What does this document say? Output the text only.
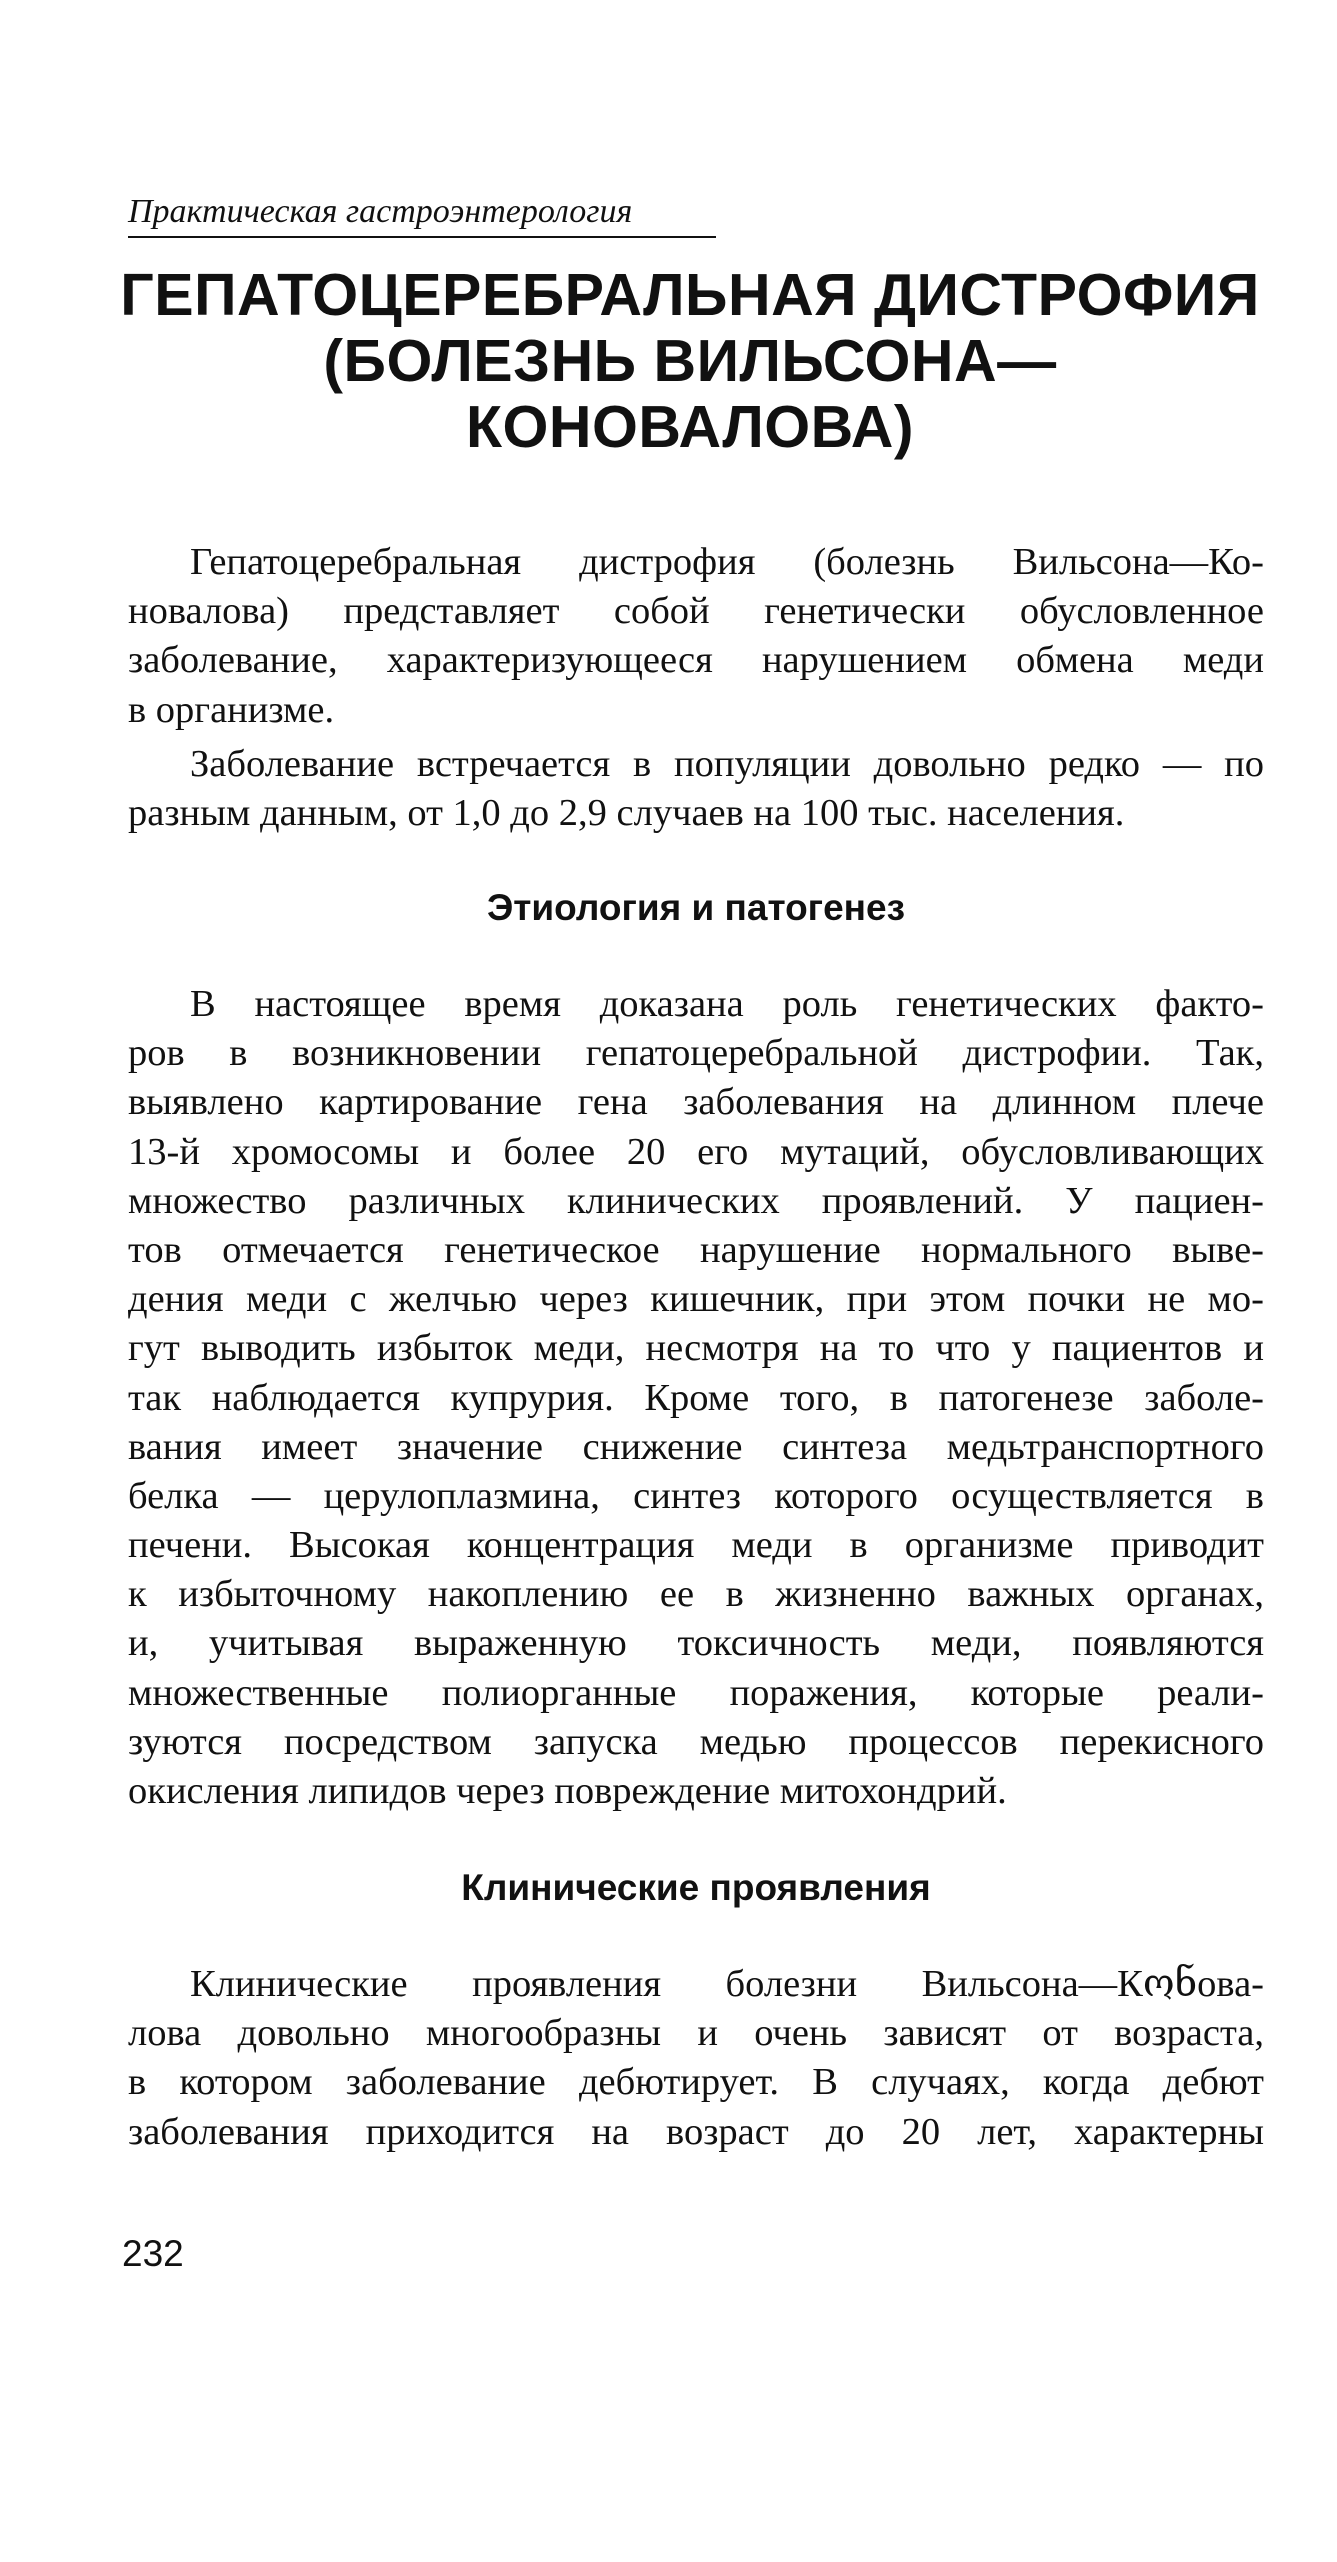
Практическая гастроэнтерология
ГЕПАТОЦЕРЕБРАЛЬНАЯ ДИСТРОФИЯ
(БОЛЕЗНЬ ВИЛЬСОНА—
КОНОВАЛОВА)
Гепатоцеребральная дистрофия (болезнь Вильсона—Ко-
новалова) представляет собой генетически обусловленное
заболевание, характеризующееся нарушением обмена меди
в организме.
Заболевание встречается в популяции довольно редко — по
разным данным, от 1,0 до 2,9 случаев на 100 тыс. населения.
Этиология и патогенез
В настоящее время доказана роль генетических факто-
ров в возникновении гепатоцеребральной дистрофии. Так,
выявлено картирование гена заболевания на длинном плече
13-й хромосомы и более 20 его мутаций, обусловливающих
множество различных клинических проявлений. У пациен-
тов отмечается генетическое нарушение нормального выве-
дения меди с желчью через кишечник, при этом почки не мо-
гут выводить избыток меди, несмотря на то что у пациентов и
так наблюдается купрурия. Кроме того, в патогенезе заболе-
вания имеет значение снижение синтеза медьтранспортного
белка — церулоплазмина, синтез которого осуществляется в
печени. Высокая концентрация меди в организме приводит
к избыточному накоплению ее в жизненно важных органах,
и, учитывая выраженную токсичность меди, появляются
множественные полиорганные поражения, которые реали-
зуются посредством запуска медью процессов перекисного
окисления липидов через повреждение митохондрий.
Клинические проявления
Клинические проявления болезни Вильсона—Кონова-
лова довольно многообразны и очень зависят от возраста,
в котором заболевание дебютирует. В случаях, когда дебют
заболевания приходится на возраст до 20 лет, характерны
232
